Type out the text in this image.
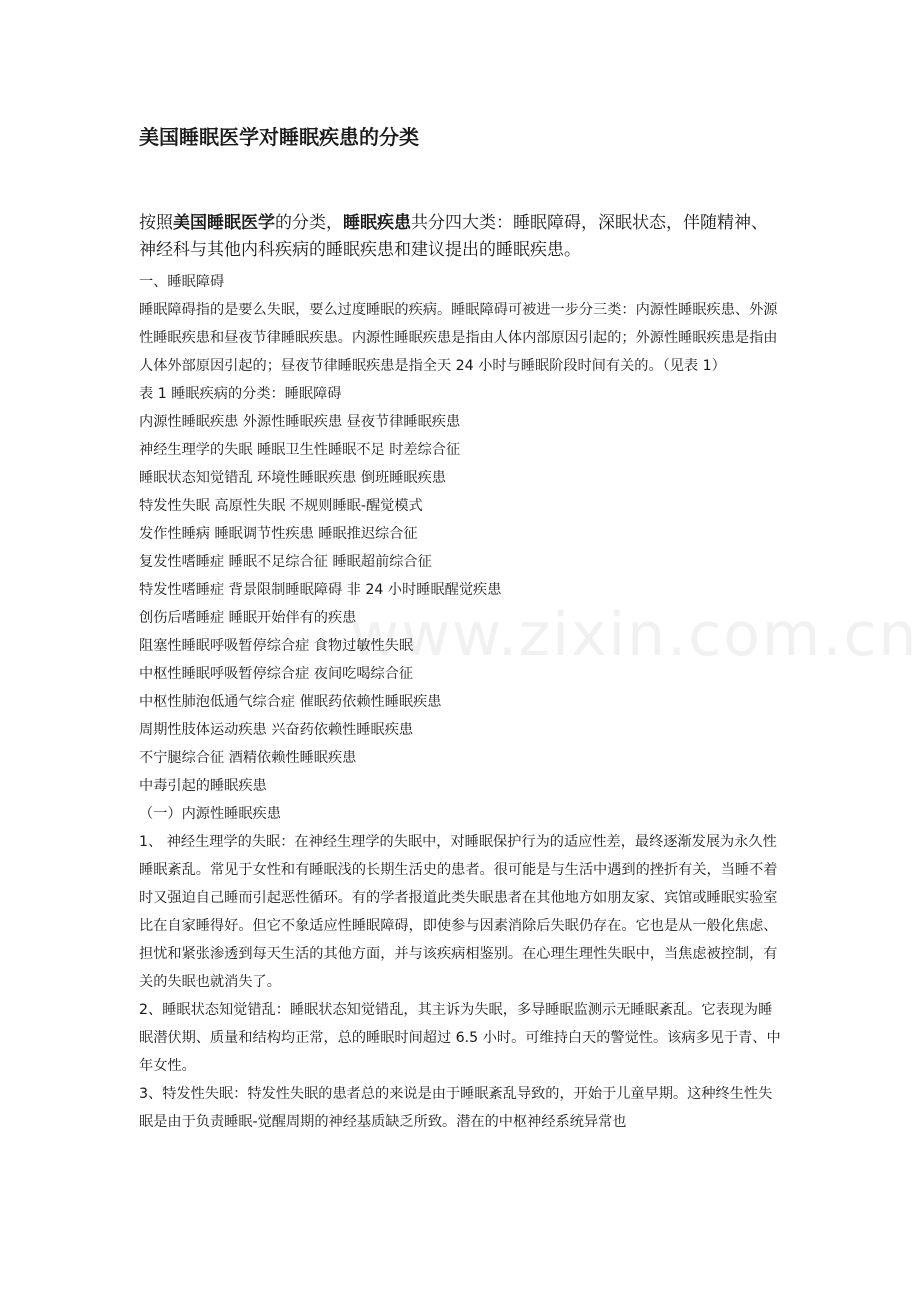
www.zixin.com.cn
美国睡眠医学对睡眠疾患的分类
按照美国睡眠医学的分类，睡眠疾患共分四大类：睡眠障碍，深眠状态，伴随精神、神经科与其他内科疾病的睡眠疾患和建议提出的睡眠疾患。

一、睡眠障碍

睡眠障碍指的是要么失眠，要么过度睡眠的疾病。睡眠障碍可被进一步分三类：内源性睡眠疾患、外源性睡眠疾患和昼夜节律睡眠疾患。内源性睡眠疾患是指由人体内部原因引起的；外源性睡眠疾患是指由人体外部原因引起的；昼夜节律睡眠疾患是指全天 24 小时与睡眠阶段时间有关的。（见表 1）

表 1 睡眠疾病的分类：睡眠障碍

内源性睡眠疾患 外源性睡眠疾患 昼夜节律睡眠疾患

神经生理学的失眠 睡眠卫生性睡眠不足 时差综合征

睡眠状态知觉错乱 环境性睡眠疾患 倒班睡眠疾患

特发性失眠 高原性失眠 不规则睡眠-醒觉模式

发作性睡病 睡眠调节性疾患 睡眠推迟综合征

复发性嗜睡症 睡眠不足综合征 睡眠超前综合征

特发性嗜睡症 背景限制睡眠障碍 非 24 小时睡眠醒觉疾患

创伤后嗜睡症 睡眠开始伴有的疾患

阻塞性睡眠呼吸暂停综合症 食物过敏性失眠

中枢性睡眠呼吸暂停综合症 夜间吃喝综合征

中枢性肺泡低通气综合症 催眠药依赖性睡眠疾患

周期性肢体运动疾患 兴奋药依赖性睡眠疾患

不宁腿综合征 酒精依赖性睡眠疾患

中毒引起的睡眠疾患

（一）内源性睡眠疾患

1、 神经生理学的失眠：在神经生理学的失眠中，对睡眠保护行为的适应性差，最终逐渐发展为永久性睡眠紊乱。常见于女性和有睡眠浅的长期生活史的患者。很可能是与生活中遇到的挫折有关，当睡不着时又强迫自己睡而引起恶性循环。有的学者报道此类失眠患者在其他地方如朋友家、宾馆或睡眠实验室比在自家睡得好。但它不象适应性睡眠障碍，即使参与因素消除后失眠仍存在。它也是从一般化焦虑、担忧和紧张渗透到每天生活的其他方面，并与该疾病相鉴别。在心理生理性失眠中，当焦虑被控制，有关的失眠也就消失了。

2、睡眠状态知觉错乱：睡眠状态知觉错乱，其主诉为失眠，多导睡眠监测示无睡眠紊乱。它表现为睡眠潜伏期、质量和结构均正常，总的睡眠时间超过 6.5 小时。可维持白天的警觉性。该病多见于青、中年女性。

3、特发性失眠：特发性失眠的患者总的来说是由于睡眠紊乱导致的，开始于儿童早期。这种终生性失眠是由于负责睡眠-觉醒周期的神经基质缺乏所致。潜在的中枢神经系统异常也
